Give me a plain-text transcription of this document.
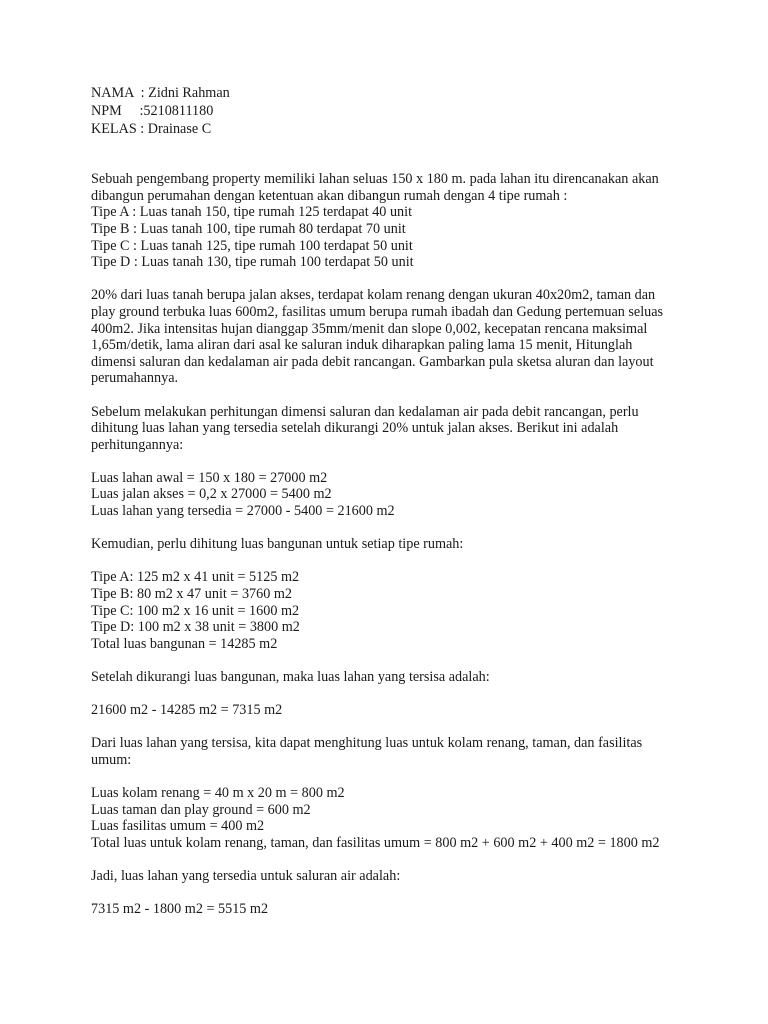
NAMA  : Zidni Rahman
NPM     :5210811180
KELAS : Drainase C
Sebuah pengembang property memiliki lahan seluas 150 x 180 m. pada lahan itu direncanakan akan
dibangun perumahan dengan ketentuan akan dibangun rumah dengan 4 tipe rumah :
Tipe A : Luas tanah 150, tipe rumah 125 terdapat 40 unit
Tipe B : Luas tanah 100, tipe rumah 80 terdapat 70 unit
Tipe C : Luas tanah 125, tipe rumah 100 terdapat 50 unit
Tipe D : Luas tanah 130, tipe rumah 100 terdapat 50 unit
20% dari luas tanah berupa jalan akses, terdapat kolam renang dengan ukuran 40x20m2, taman dan
play ground terbuka luas 600m2, fasilitas umum berupa rumah ibadah dan Gedung pertemuan seluas
400m2. Jika intensitas hujan dianggap 35mm/menit dan slope 0,002, kecepatan rencana maksimal
1,65m/detik, lama aliran dari asal ke saluran induk diharapkan paling lama 15 menit, Hitunglah
dimensi saluran dan kedalaman air pada debit rancangan. Gambarkan pula sketsa aluran dan layout
perumahannya.
Sebelum melakukan perhitungan dimensi saluran dan kedalaman air pada debit rancangan, perlu
dihitung luas lahan yang tersedia setelah dikurangi 20% untuk jalan akses. Berikut ini adalah
perhitungannya:
Luas lahan awal = 150 x 180 = 27000 m2
Luas jalan akses = 0,2 x 27000 = 5400 m2
Luas lahan yang tersedia = 27000 - 5400 = 21600 m2
Kemudian, perlu dihitung luas bangunan untuk setiap tipe rumah:
Tipe A: 125 m2 x 41 unit = 5125 m2
Tipe B: 80 m2 x 47 unit = 3760 m2
Tipe C: 100 m2 x 16 unit = 1600 m2
Tipe D: 100 m2 x 38 unit = 3800 m2
Total luas bangunan = 14285 m2
Setelah dikurangi luas bangunan, maka luas lahan yang tersisa adalah:
21600 m2 - 14285 m2 = 7315 m2
Dari luas lahan yang tersisa, kita dapat menghitung luas untuk kolam renang, taman, dan fasilitas
umum:
Luas kolam renang = 40 m x 20 m = 800 m2
Luas taman dan play ground = 600 m2
Luas fasilitas umum = 400 m2
Total luas untuk kolam renang, taman, dan fasilitas umum = 800 m2 + 600 m2 + 400 m2 = 1800 m2
Jadi, luas lahan yang tersedia untuk saluran air adalah:
7315 m2 - 1800 m2 = 5515 m2
